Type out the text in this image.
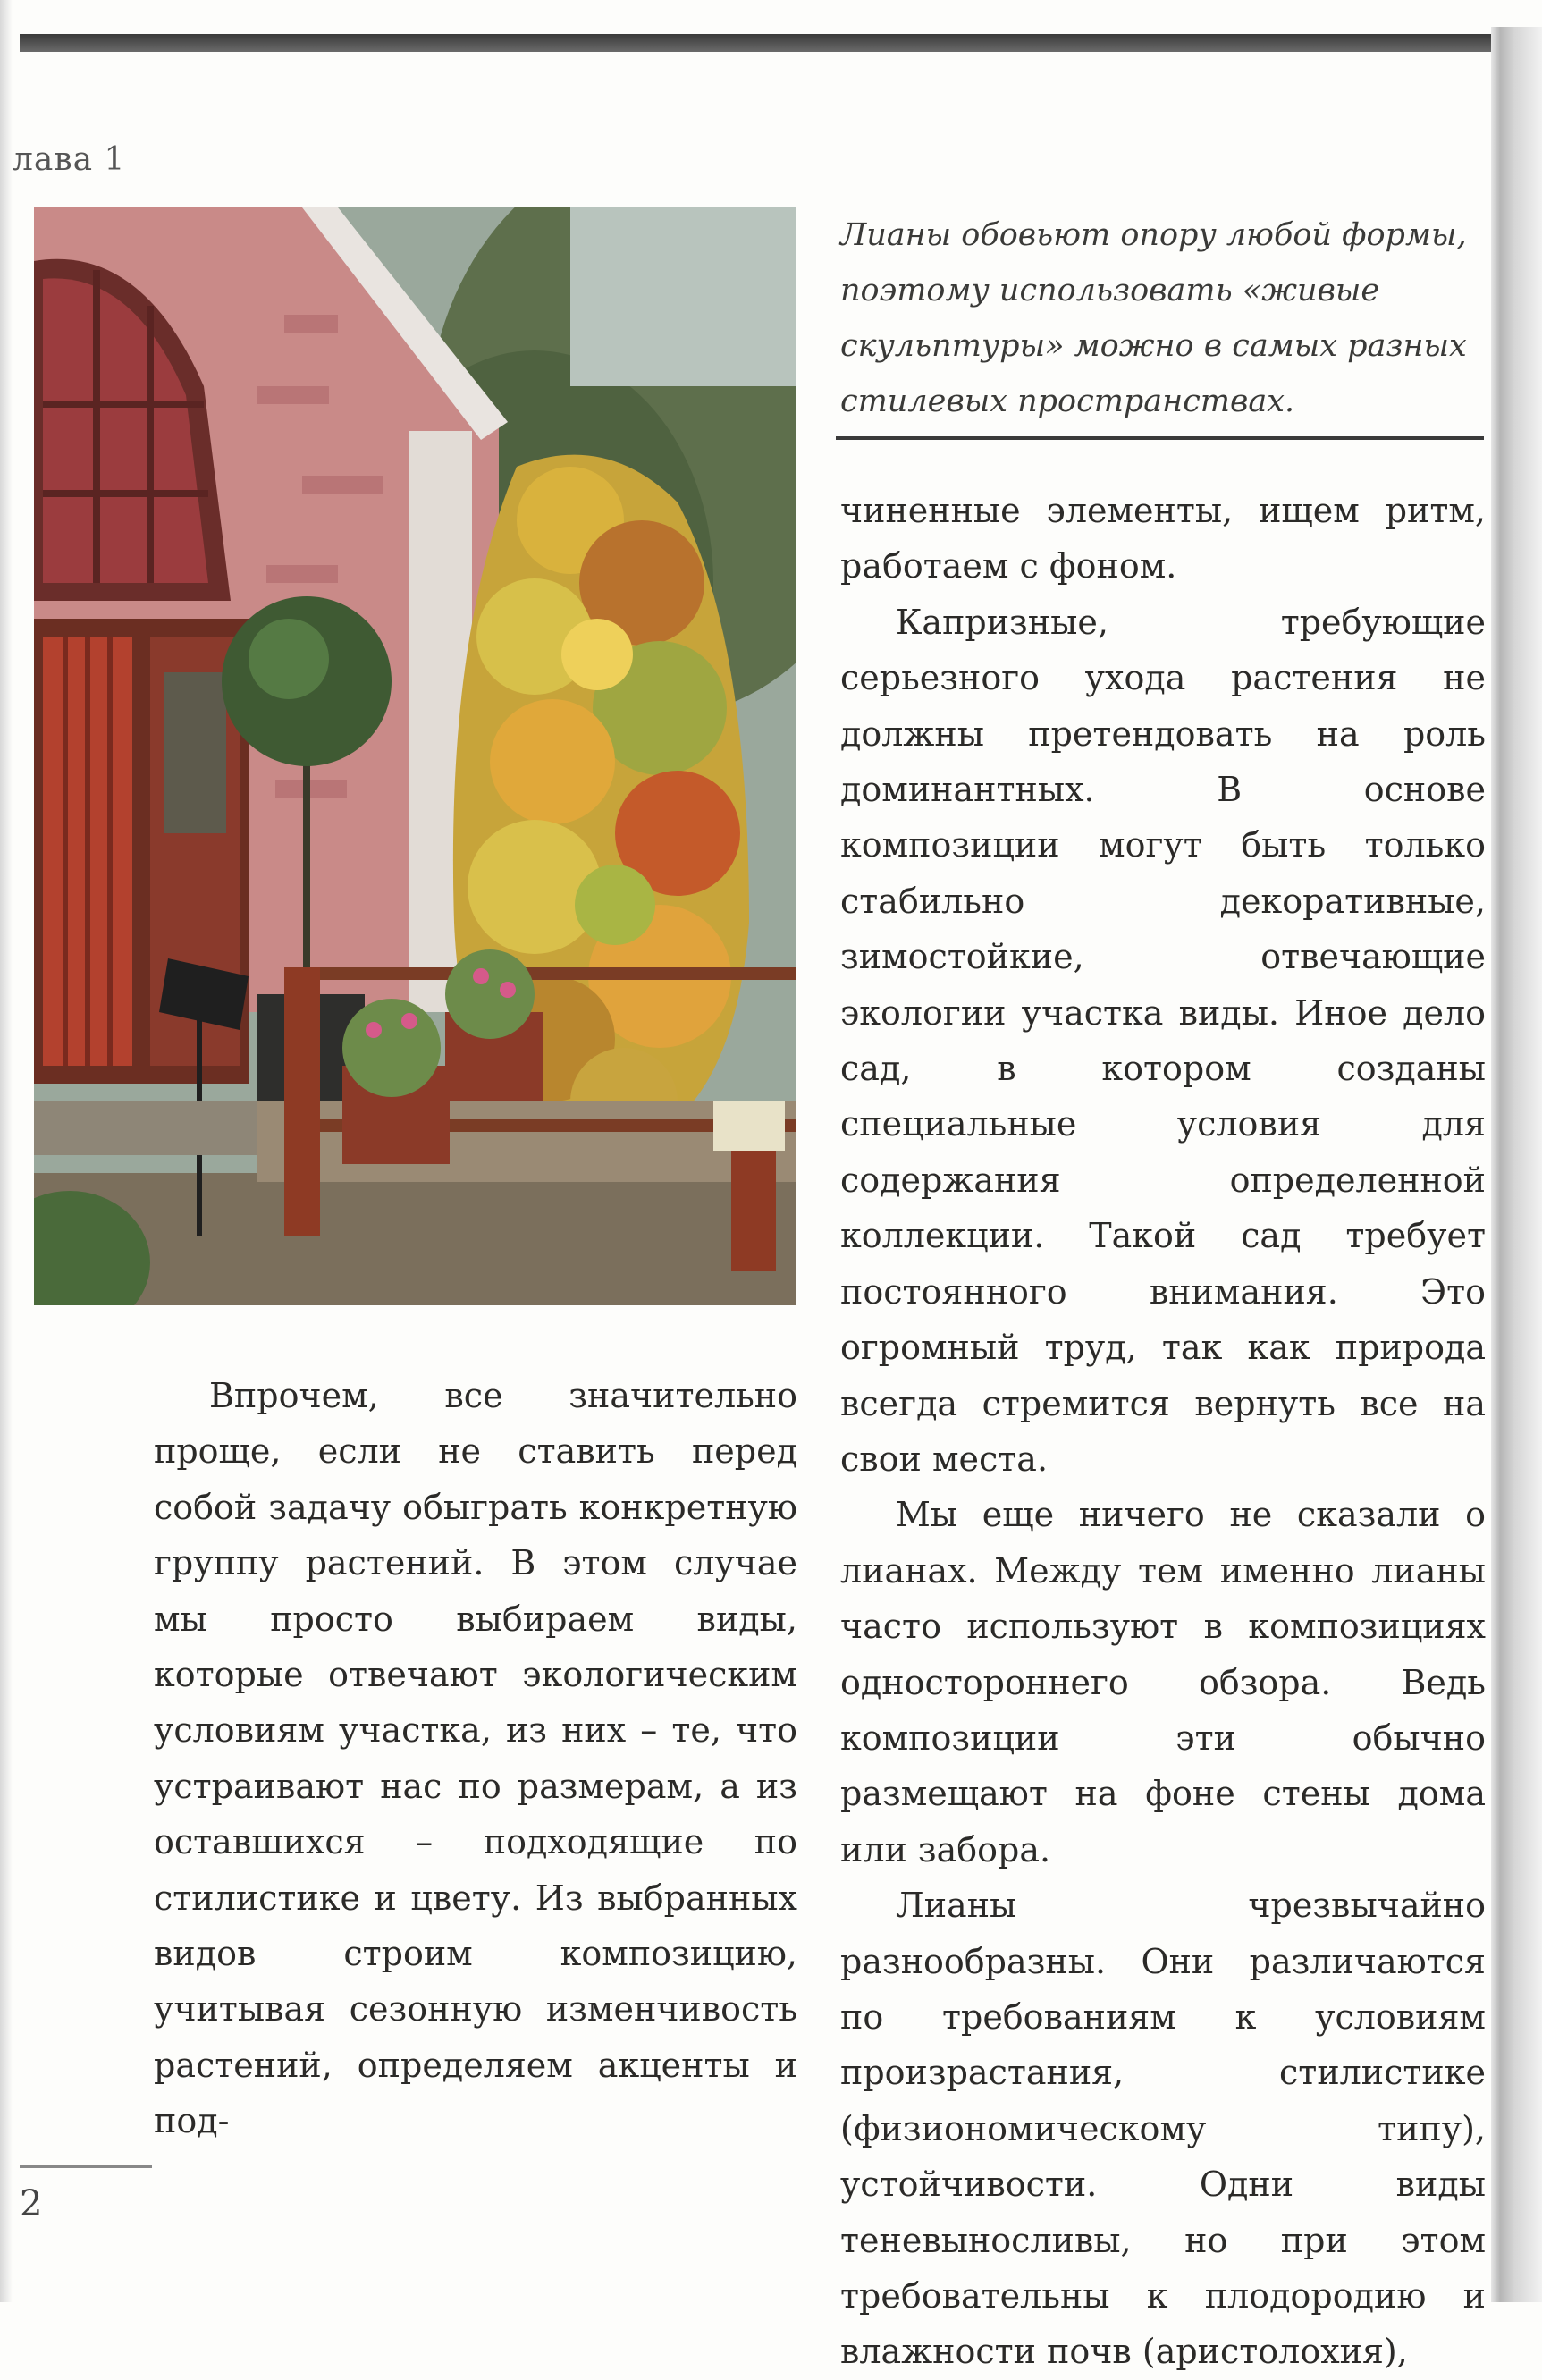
лава 1
Лианы обовьют опору любой формы, поэтому использовать «живые скульптуры» можно в самых разных стилевых пространствах.

чиненные элементы, ищем ритм, работаем с фоном.

Капризные, требующие серьезного ухода растения не должны претендовать на роль доминантных. В основе композиции могут быть только стабильно декоративные, зимостойкие, отвечающие экологии участка виды. Иное дело сад, в котором созданы специальные условия для содержания определенной коллекции. Такой сад требует постоянного внимания. Это огромный труд, так как природа всегда стремится вернуть все на свои места.

Мы еще ничего не сказали о лианах. Между тем именно лианы часто используют в композициях одностороннего обзора. Ведь композиции эти обычно размещают на фоне стены дома или забора.

Лианы чрезвычайно разнообразны. Они различаются по требованиям к условиям произрастания, стилистике (физиономическому типу), устойчивости. Одни виды теневыносливы, но при этом требовательны к плодородию и влажности почв (аристолохия),

Впрочем, все значительно проще, если не ставить перед собой задачу обыграть конкретную группу растений. В этом случае мы просто выбираем виды, которые отвечают экологическим условиям участка, из них – те, что устраивают нас по размерам, а из оставшихся – подходящие по стилистике и цвету. Из выбранных видов строим композицию, учитывая сезонную изменчивость растений, определяем акценты и под-

2
